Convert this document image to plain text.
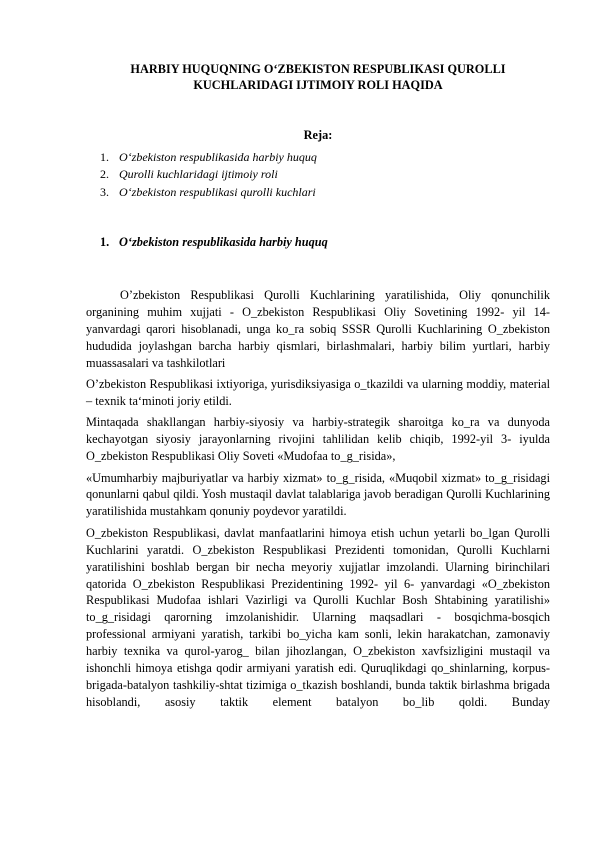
HARBIY HUQUQNING O‘ZBEKISTON RESPUBLIKASI QUROLLI
KUCHLARIDAGI IJTIMOIY ROLI HAQIDA
Reja:
1. O‘zbekiston respublikasida harbiy huquq
2. Qurolli kuchlaridagi ijtimoiy roli
3. O‘zbekiston respublikasi qurolli kuchlari
1. O‘zbekiston respublikasida harbiy huquq

O’zbekiston Respublikasi Qurolli Kuchlarining yaratilishida, Oliy qonunchilik organining muhim xujjati - O_zbekiston Respublikasi Oliy Sovetining 1992- yil 14- yanvardagi qarori hisoblanadi, unga ko_ra sobiq SSSR Qurolli Kuchlarining O_zbekiston hududida joylashgan barcha harbiy qismlari, birlashmalari, harbiy bilim yurtlari, harbiy muassasalari va tashkilotlari

O’zbekiston Respublikasi ixtiyoriga, yurisdiksiyasiga o_tkazildi va ularning moddiy, material – texnik ta‘minoti joriy etildi.

Mintaqada shakllangan harbiy-siyosiy va harbiy-strategik sharoitga ko_ra va dunyoda kechayotgan siyosiy jarayonlarning rivojini tahlilidan kelib chiqib, 1992-yil 3- iyulda O_zbekiston Respublikasi Oliy Soveti «Mudofaa to_g_risida»,

«Umumharbiy majburiyatlar va harbiy xizmat» to_g_risida, «Muqobil xizmat» to_g_risidagi qonunlarni qabul qildi. Yosh mustaqil davlat talablariga javob beradigan Qurolli Kuchlarining yaratilishida mustahkam qonuniy poydevor yaratildi.

O_zbekiston Respublikasi, davlat manfaatlarini himoya etish uchun yetarli bo_lgan Qurolli Kuchlarini yaratdi. O_zbekiston Respublikasi Prezidenti tomonidan, Qurolli Kuchlarni yaratilishini boshlab bergan bir necha meyoriy xujjatlar imzolandi. Ularning birinchilari qatorida O_zbekiston Respublikasi Prezidentining 1992- yil 6- yanvardagi «O_zbekiston Respublikasi Mudofaa ishlari Vazirligi va Qurolli Kuchlar Bosh Shtabining yaratilishi» to_g_risidagi qarorning imzolanishidir. Ularning maqsadlari - bosqichma-bosqich professional armiyani yaratish, tarkibi bo_yicha kam sonli, lekin harakatchan, zamonaviy harbiy texnika va qurol-yarog_ bilan jihozlangan, O_zbekiston xavfsizligini mustaqil va ishonchli himoya etishga qodir armiyani yaratish edi. Quruqlikdagi qo_shinlarning, korpus-brigada-batalyon tashkiliy-shtat tizimiga o_tkazish boshlandi, bunda taktik birlashma brigada hisoblandi, asosiy taktik element batalyon bo_lib qoldi. Bunday
